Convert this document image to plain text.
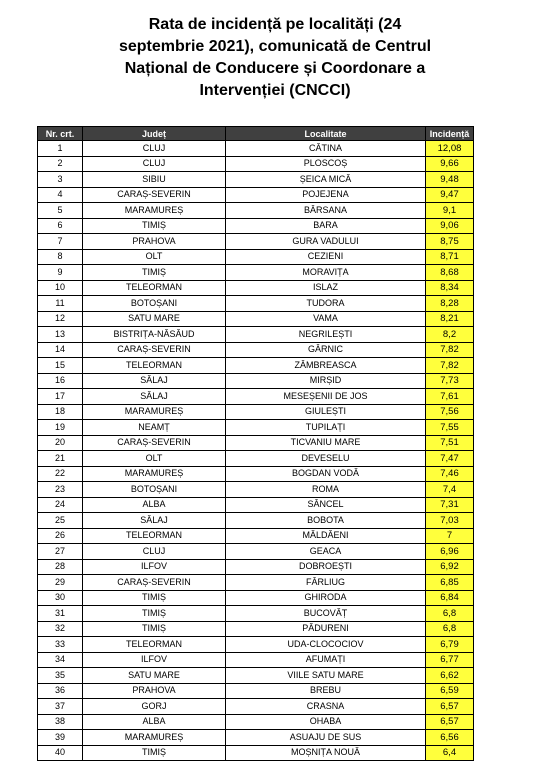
Rata de incidență pe localități (24
septembrie 2021), comunicată de Centrul
Național de Conducere și Coordonare a
Intervenției (CNCCI)
Nr. crt.	Județ	Localitate	Incidență
1	CLUJ	CĂTINA	12,08
2	CLUJ	PLOSCOȘ	9,66
3	SIBIU	ȘEICA MICĂ	9,48
4	CARAȘ-SEVERIN	POJEJENA	9,47
5	MARAMUREȘ	BÂRSANA	9,1
6	TIMIȘ	BARA	9,06
7	PRAHOVA	GURA VADULUI	8,75
8	OLT	CEZIENI	8,71
9	TIMIȘ	MORAVIȚA	8,68
10	TELEORMAN	ISLAZ	8,34
11	BOTOȘANI	TUDORA	8,28
12	SATU MARE	VAMA	8,21
13	BISTRIȚA-NĂSĂUD	NEGRILEȘTI	8,2
14	CARAȘ-SEVERIN	GÂRNIC	7,82
15	TELEORMAN	ZÂMBREASCA	7,82
16	SĂLAJ	MIRȘID	7,73
17	SĂLAJ	MESEȘENII DE JOS	7,61
18	MARAMUREȘ	GIULEȘTI	7,56
19	NEAMȚ	TUPILAȚI	7,55
20	CARAȘ-SEVERIN	TICVANIU MARE	7,51
21	OLT	DEVESELU	7,47
22	MARAMUREȘ	BOGDAN VODĂ	7,46
23	BOTOȘANI	ROMA	7,4
24	ALBA	SÂNCEL	7,31
25	SĂLAJ	BOBOTA	7,03
26	TELEORMAN	MĂLDĂENI	7
27	CLUJ	GEACA	6,96
28	ILFOV	DOBROEȘTI	6,92
29	CARAȘ-SEVERIN	FÂRLIUG	6,85
30	TIMIȘ	GHIRODA	6,84
31	TIMIȘ	BUCOVĂȚ	6,8
32	TIMIȘ	PĂDURENI	6,8
33	TELEORMAN	UDA-CLOCOCIOV	6,79
34	ILFOV	AFUMAȚI	6,77
35	SATU MARE	VIILE SATU MARE	6,62
36	PRAHOVA	BREBU	6,59
37	GORJ	CRASNA	6,57
38	ALBA	OHABA	6,57
39	MARAMUREȘ	ASUAJU DE SUS	6,56
40	TIMIȘ	MOȘNIȚA NOUĂ	6,4
